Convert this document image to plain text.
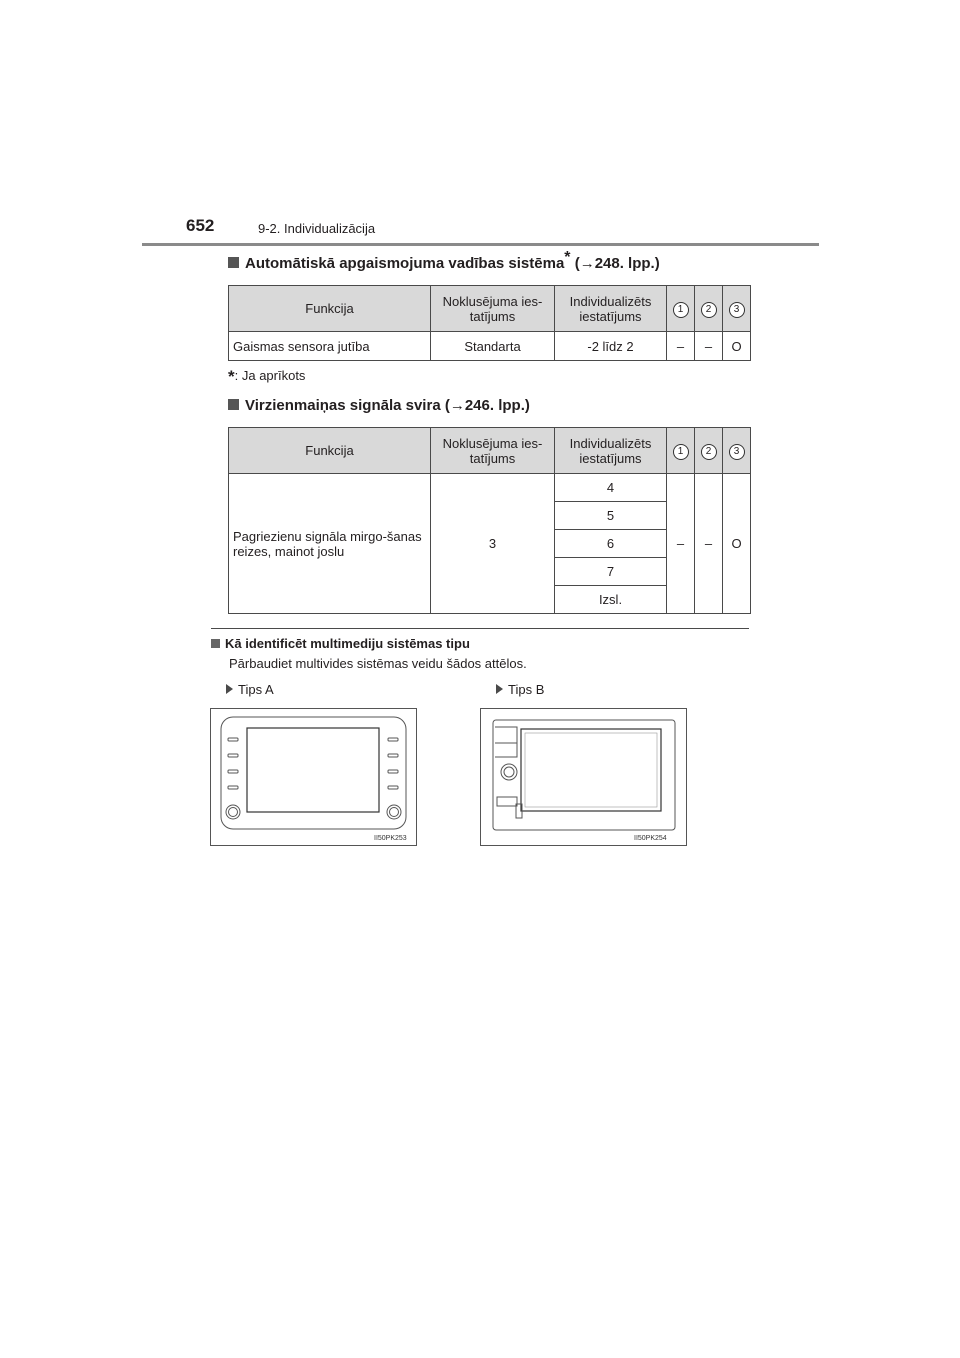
652	9-2. Individualizācija
Automātiskā apgaismojuma vadības sistēma* (→248. lpp.)
Funkcija	Noklusējuma ies-tatījums	Individualizēts iestatījums	1	2	3
Gaismas sensora jutība	Standarta	-2 līdz 2	–	–	O
*: Ja aprīkots
Virzienmaiņas signāla svira (→246. lpp.)
Funkcija	Noklusējuma ies-tatījums	Individualizēts iestatījums	1	2	3
Pagriezienu signāla mirgo-šanas reizes, mainot joslu	3	4	–	–	O
		5			
		6			
		7			
		Izsl.			
Kā identificēt multimediju sistēmas tipu
Pārbaudiet multivides sistēmas veidu šādos attēlos.
Tips A	Tips B
II50PK253	II50PK254
